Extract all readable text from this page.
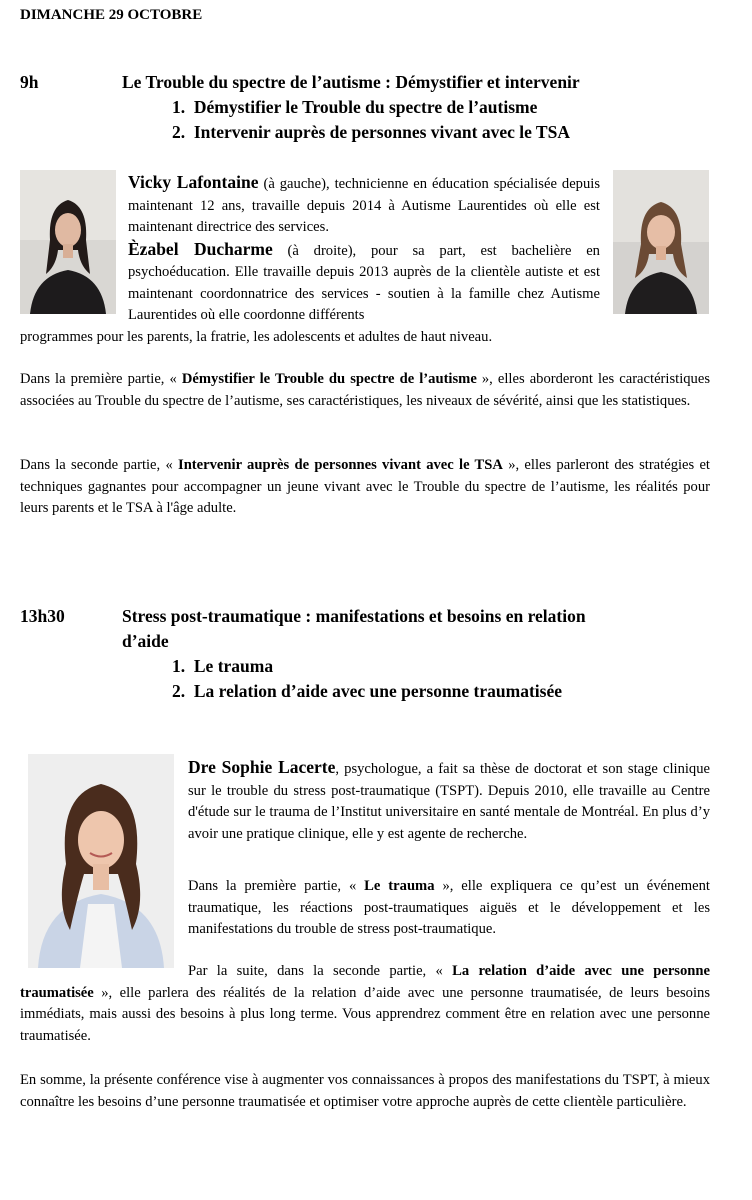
DIMANCHE 29 OCTOBRE
9h	Le Trouble du spectre de l’autisme : Démystifier et intervenir
1. Démystifier le Trouble du spectre de l’autisme
2. Intervenir auprès de personnes vivant avec le TSA

Vicky Lafontaine (à gauche), technicienne en éducation spécialisée depuis maintenant 12 ans, travaille depuis 2014 à Autisme Laurentides où elle est maintenant directrice des services.

Èzabel Ducharme (à droite), pour sa part, est bachelière en psychoéducation. Elle travaille depuis 2013 auprès de la clientèle autiste et est maintenant coordonnatrice des services - soutien à la famille chez Autisme Laurentides où elle coordonne différents

programmes pour les parents, la fratrie, les adolescents et adultes de haut niveau.

Dans la première partie, « Démystifier le Trouble du spectre de l’autisme », elles aborderont les caractéristiques associées au Trouble du spectre de l’autisme, ses caractéristiques, les niveaux de sévérité, ainsi que les statistiques.

Dans la seconde partie, « Intervenir auprès de personnes vivant avec le TSA », elles parleront des stratégies et techniques gagnantes pour accompagner un jeune vivant avec le Trouble du spectre de l’autisme, les réalités pour leurs parents et le TSA à l'âge adulte.

13h30	Stress post-traumatique : manifestations et besoins en relation
d’aide
1. Le trauma
2. La relation d’aide avec une personne traumatisée

Dre Sophie Lacerte, psychologue, a fait sa thèse de doctorat et son stage clinique sur le trouble du stress post-traumatique (TSPT). Depuis 2010, elle travaille au Centre d'étude sur le trauma de l’Institut universitaire en santé mentale de Montréal. En plus d’y avoir une pratique clinique, elle y est agente de recherche.

Dans la première partie, « Le trauma », elle expliquera ce qu’est un événement traumatique, les réactions post-traumatiques aiguës et le développement et les manifestations du trouble de stress post-traumatique.

Par la suite, dans la seconde partie, « La relation d’aide avec une personne traumatisée », elle parlera des réalités de la relation d’aide avec une personne traumatisée, de leurs besoins immédiats, mais aussi des besoins à plus long terme. Vous apprendrez comment être en relation avec une personne traumatisée.

En somme, la présente conférence vise à augmenter vos connaissances à propos des manifestations du TSPT, à mieux connaître les besoins d’une personne traumatisée et optimiser votre approche auprès de cette clientèle particulière.
